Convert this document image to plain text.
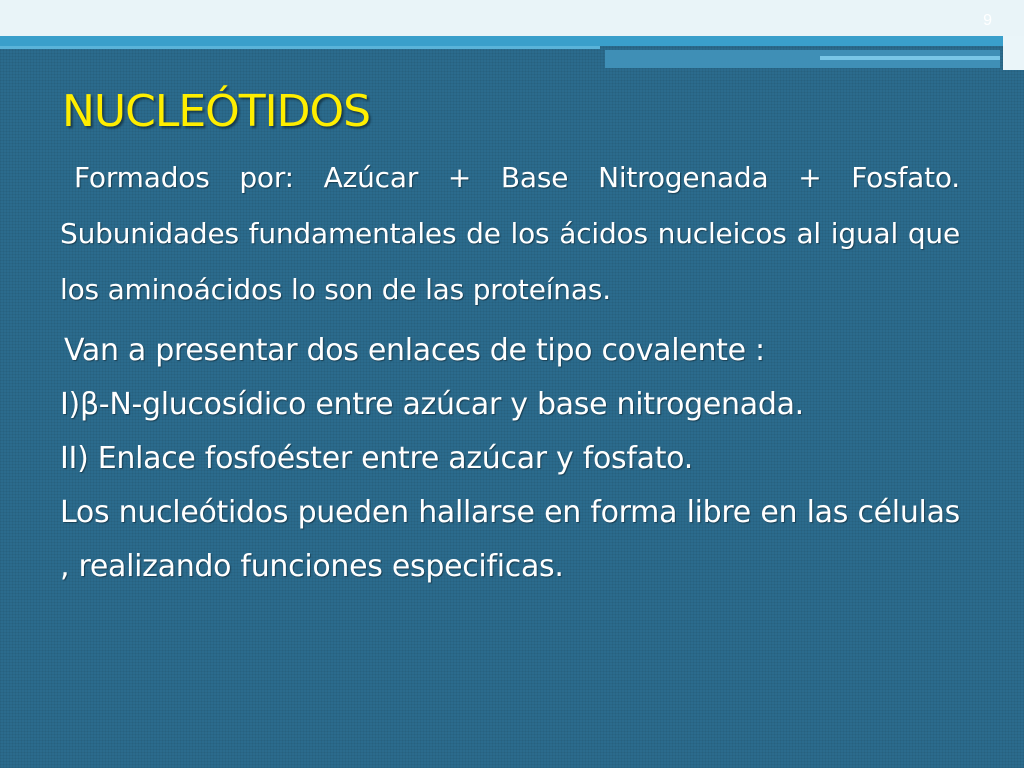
9
NUCLEÓTIDOS

Formados por: Azúcar + Base Nitrogenada + Fosfato. Subunidades fundamentales de los ácidos nucleicos al igual que los aminoácidos lo son de las proteínas.

Van a presentar dos enlaces de tipo covalente :

I)β-N-glucosídico entre azúcar y base nitrogenada.

II) Enlace fosfoéster entre azúcar y fosfato.

Los nucleótidos pueden hallarse en forma libre en las células , realizando funciones especificas.
